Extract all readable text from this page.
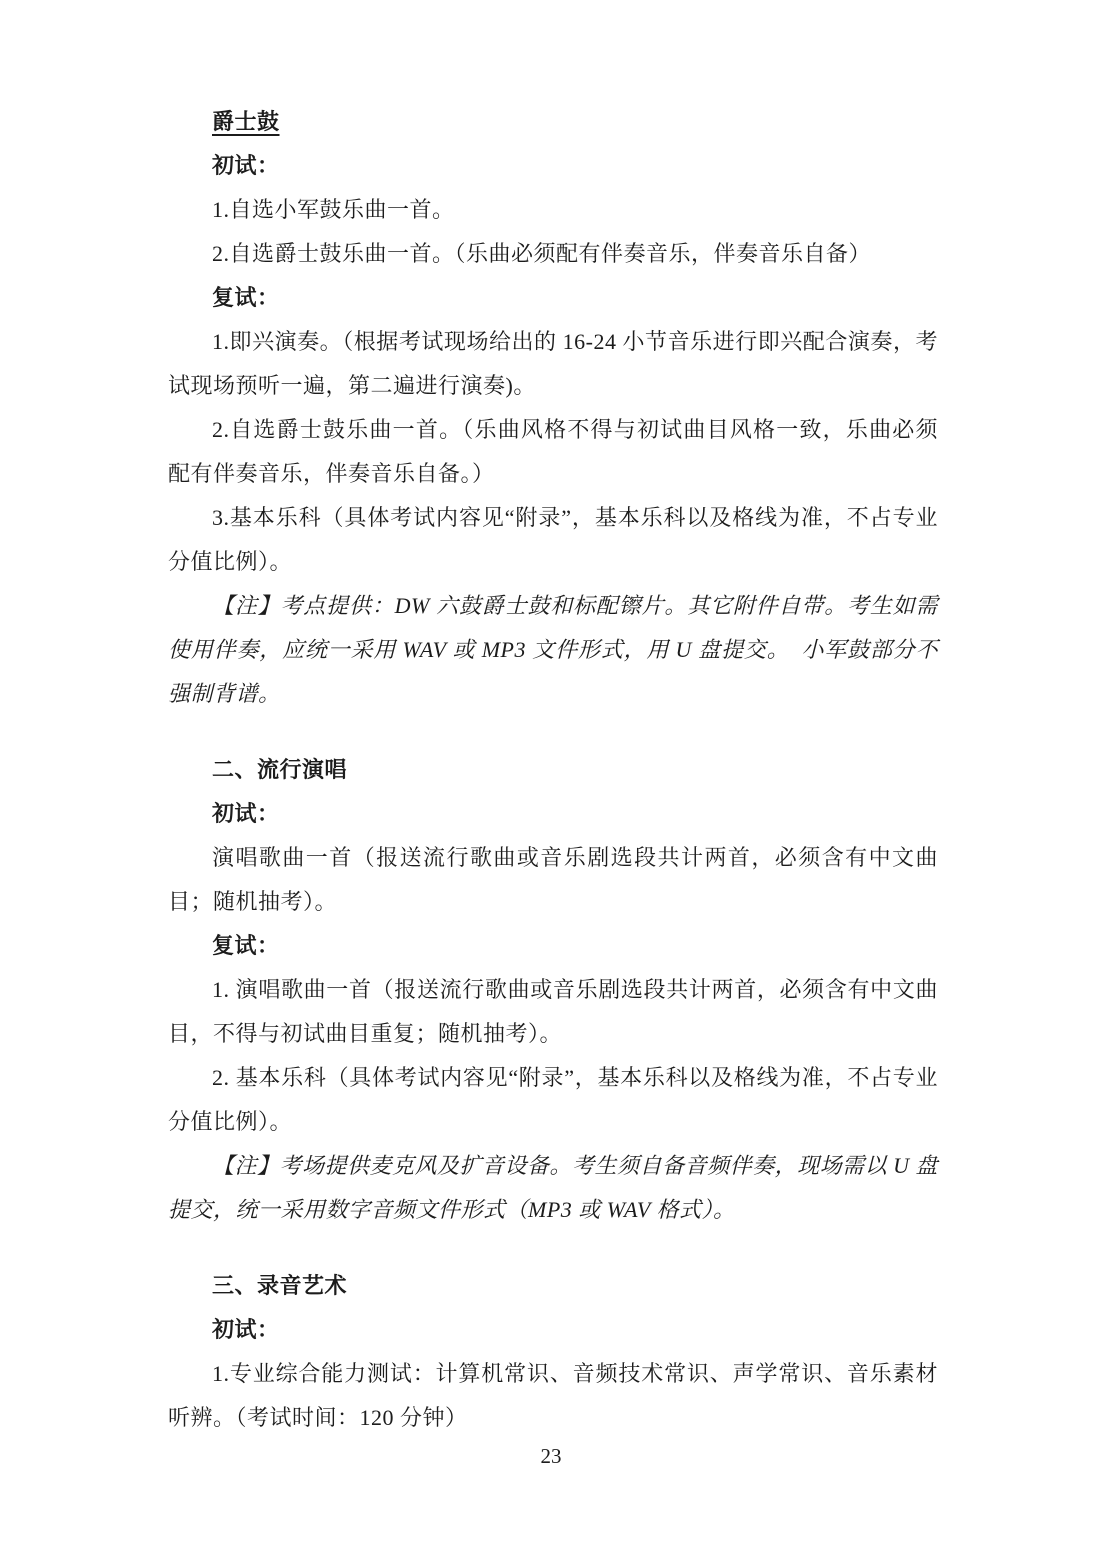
爵士鼓

初试：

1.自选小军鼓乐曲一首。

2.自选爵士鼓乐曲一首。（乐曲必须配有伴奏音乐，伴奏音乐自备）

复试：

1.即兴演奏。（根据考试现场给出的 16-24 小节音乐进行即兴配合演奏，考试现场预听一遍，第二遍进行演奏)。

2.自选爵士鼓乐曲一首。（乐曲风格不得与初试曲目风格一致，乐曲必须配有伴奏音乐，伴奏音乐自备。）

3.基本乐科（具体考试内容见“附录”，基本乐科以及格线为准，不占专业分值比例）。

【注】考点提供：DW 六鼓爵士鼓和标配镲片。其它附件自带。考生如需使用伴奏，应统一采用 WAV 或 MP3 文件形式，用 U 盘提交。　小军鼓部分不强制背谱。

二、流行演唱

初试：

演唱歌曲一首（报送流行歌曲或音乐剧选段共计两首，必须含有中文曲目；随机抽考）。

复试：

1. 演唱歌曲一首（报送流行歌曲或音乐剧选段共计两首，必须含有中文曲目，不得与初试曲目重复；随机抽考）。

2. 基本乐科（具体考试内容见“附录”，基本乐科以及格线为准，不占专业分值比例）。

【注】考场提供麦克风及扩音设备。考生须自备音频伴奏，现场需以 U 盘提交，统一采用数字音频文件形式（MP3 或 WAV 格式）。

三、录音艺术

初试：

1.专业综合能力测试：计算机常识、音频技术常识、声学常识、音乐素材听辨。（考试时间：120 分钟）

23
